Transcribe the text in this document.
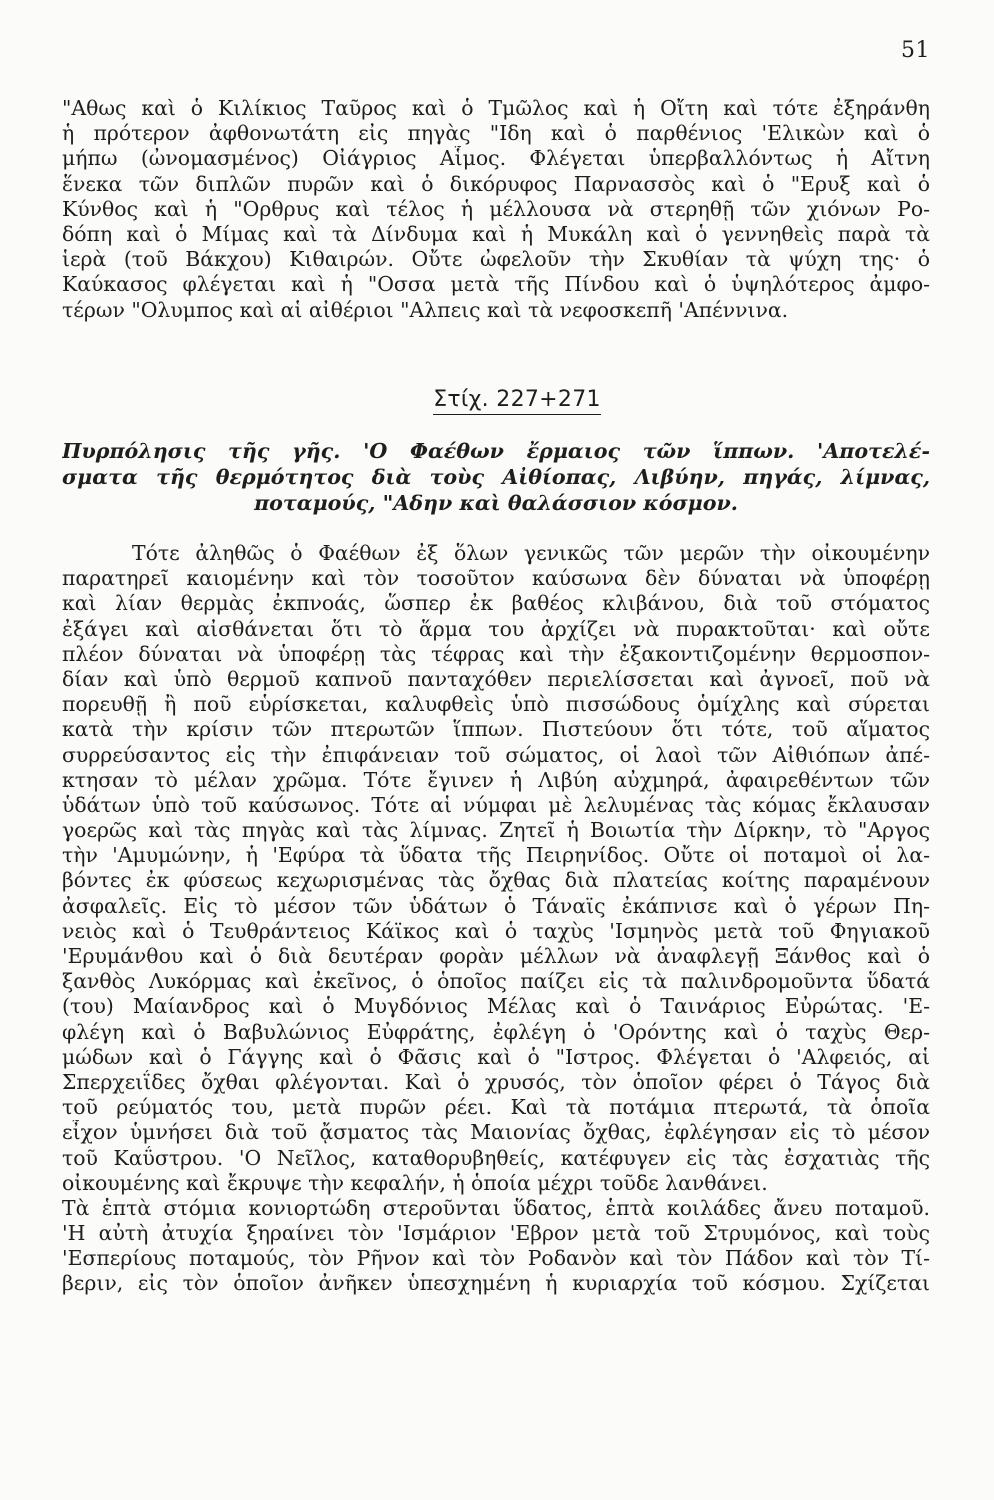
51
"Αθως καὶ ὁ Κιλίκιος Ταῦρος καὶ ὁ Τμῶλος καὶ ἡ Οἴτη καὶ τότε ἐξηράνθη
ἡ πρότερον ἀφθονωτάτη εἰς πηγὰς "Ιδη καὶ ὁ παρθένιος 'Ελικὼν καὶ ὁ
μήπω (ὠνομασμένος) Οἰάγριος Αἷμος. Φλέγεται ὑπερβαλλόντως ἡ Αἴτνη
ἕνεκα τῶν διπλῶν πυρῶν καὶ ὁ δικόρυφος Παρνασσὸς καὶ ὁ "Ερυξ καὶ ὁ
Κύνθος καὶ ἡ "Ορθρυς καὶ τέλος ἡ μέλλουσα νὰ στερηθῇ τῶν χιόνων Ρο-
δόπη καὶ ὁ Μίμας καὶ τὰ Δίνδυμα καὶ ἡ Μυκάλη καὶ ὁ γεννηθεὶς παρὰ τὰ
ἱερὰ (τοῦ Βάκχου) Κιθαιρών. Οὔτε ὠφελοῦν τὴν Σκυθίαν τὰ ψύχη της· ὁ
Καύκασος φλέγεται καὶ ἡ "Οσσα μετὰ τῆς Πίνδου καὶ ὁ ὑψηλότερος ἀμφο-
τέρων "Ολυμπος καὶ αἱ αἰθέριοι "Αλπεις καὶ τὰ νεφοσκεπῆ 'Απέννινα.
Στίχ. 227+271
Πυρπόλησις τῆς γῆς. 'Ο Φαέθων ἔρμαιος τῶν ἵππων. 'Αποτελέ-
σματα τῆς θερμότητος διὰ τοὺς Αἰθίοπας, Λιβύην, πηγάς, λίμνας,
ποταμούς, "Αδην καὶ θαλάσσιον κόσμον.
Τότε ἀληθῶς ὁ Φαέθων ἐξ ὅλων γενικῶς τῶν μερῶν τὴν οἰκουμένην
παρατηρεῖ καιομένην καὶ τὸν τοσοῦτον καύσωνα δὲν δύναται νὰ ὑποφέρῃ
καὶ λίαν θερμὰς ἐκπνοάς, ὥσπερ ἐκ βαθέος κλιβάνου, διὰ τοῦ στόματος
ἐξάγει καὶ αἰσθάνεται ὅτι τὸ ἅρμα του ἀρχίζει νὰ πυρακτοῦται· καὶ οὔτε
πλέον δύναται νὰ ὑποφέρῃ τὰς τέφρας καὶ τὴν ἐξακοντιζομένην θερμοσπον-
δίαν καὶ ὑπὸ θερμοῦ καπνοῦ πανταχόθεν περιελίσσεται καὶ ἀγνοεῖ, ποῦ νὰ
πορευθῇ ἢ ποῦ εὑρίσκεται, καλυφθεὶς ὑπὸ πισσώδους ὁμίχλης καὶ σύρεται
κατὰ τὴν κρίσιν τῶν πτερωτῶν ἵππων. Πιστεύουν ὅτι τότε, τοῦ αἵματος
συρρεύσαντος εἰς τὴν ἐπιφάνειαν τοῦ σώματος, οἱ λαοὶ τῶν Αἰθιόπων ἀπέ-
κτησαν τὸ μέλαν χρῶμα. Τότε ἔγινεν ἡ Λιβύη αὐχμηρά, ἀφαιρεθέντων τῶν
ὑδάτων ὑπὸ τοῦ καύσωνος. Τότε αἱ νύμφαι μὲ λελυμένας τὰς κόμας ἔκλαυσαν
γοερῶς καὶ τὰς πηγὰς καὶ τὰς λίμνας. Ζητεῖ ἡ Βοιωτία τὴν Δίρκην, τὸ "Αργος
τὴν 'Αμυμώνην, ἡ 'Εφύρα τὰ ὕδατα τῆς Πειρηνίδος. Οὔτε οἱ ποταμοὶ οἱ λα-
βόντες ἐκ φύσεως κεχωρισμένας τὰς ὄχθας διὰ πλατείας κοίτης παραμένουν
ἀσφαλεῖς. Εἰς τὸ μέσον τῶν ὑδάτων ὁ Τάναϊς ἐκάπνισε καὶ ὁ γέρων Πη-
νειὸς καὶ ὁ Τευθράντειος Κάϊκος καὶ ὁ ταχὺς 'Ισμηνὸς μετὰ τοῦ Φηγιακοῦ
'Ερυμάνθου καὶ ὁ διὰ δευτέραν φορὰν μέλλων νὰ ἀναφλεγῇ Ξάνθος καὶ ὁ
ξανθὸς Λυκόρμας καὶ ἐκεῖνος, ὁ ὁποῖος παίζει εἰς τὰ παλινδρομοῦντα ὕδατά
(του) Μαίανδρος καὶ ὁ Μυγδόνιος Μέλας καὶ ὁ Ταινάριος Εὐρώτας. 'Ε-
φλέγη καὶ ὁ Βαβυλώνιος Εὐφράτης, ἐφλέγη ὁ 'Ορόντης καὶ ὁ ταχὺς Θερ-
μώδων καὶ ὁ Γάγγης καὶ ὁ Φᾶσις καὶ ὁ "Ιστρος. Φλέγεται ὁ 'Αλφειός, αἱ
Σπερχειΐδες ὄχθαι φλέγονται. Καὶ ὁ χρυσός, τὸν ὁποῖον φέρει ὁ Τάγος διὰ
τοῦ ρεύματός του, μετὰ πυρῶν ρέει. Καὶ τὰ ποτάμια πτερωτά, τὰ ὁποῖα
εἶχον ὑμνήσει διὰ τοῦ ᾄσματος τὰς Μαιονίας ὄχθας, ἐφλέγησαν εἰς τὸ μέσον
τοῦ Καΰστρου. 'Ο Νεῖλος, καταθορυβηθείς, κατέφυγεν εἰς τὰς ἐσχατιὰς τῆς
οἰκουμένης καὶ ἔκρυψε τὴν κεφαλήν, ἡ ὁποία μέχρι τοῦδε λανθάνει.
Τὰ ἑπτὰ στόμια κονιορτώδη στεροῦνται ὕδατος, ἑπτὰ κοιλάδες ἄνευ ποταμοῦ.
'Η αὐτὴ ἀτυχία ξηραίνει τὸν 'Ισμάριον 'Εβρον μετὰ τοῦ Στρυμόνος, καὶ τοὺς
'Εσπερίους ποταμούς, τὸν Ρῆνον καὶ τὸν Ροδανὸν καὶ τὸν Πάδον καὶ τὸν Τί-
βεριν, εἰς τὸν ὁποῖον ἀνῆκεν ὑπεσχημένη ἡ κυριαρχία τοῦ κόσμου. Σχίζεται
